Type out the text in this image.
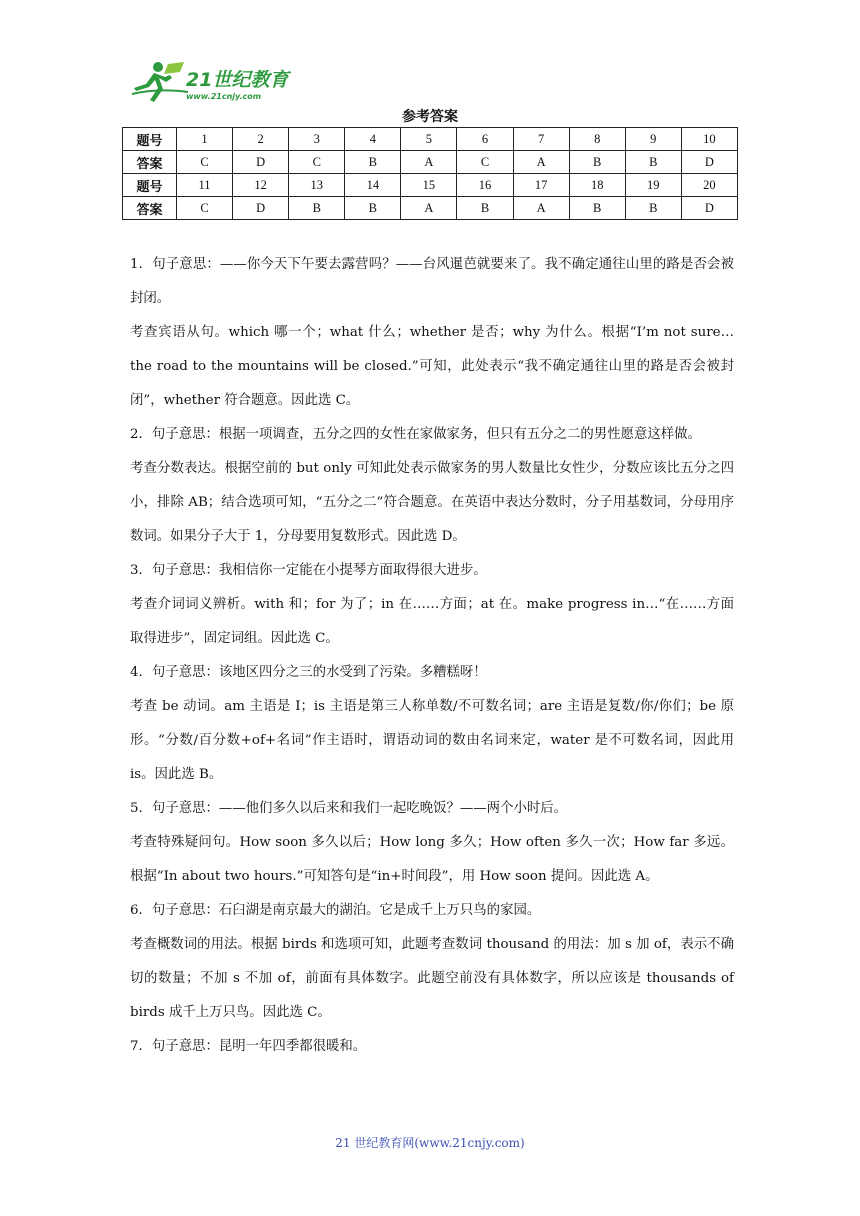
21世纪教育
www.21cnjy.com
参考答案
题号	1	2	3	4	5	6	7	8	9	10
答案	C	D	C	B	A	C	A	B	B	D
题号	11	12	13	14	15	16	17	18	19	20
答案	C	D	B	B	A	B	A	B	B	D

1．句子意思：——你今天下午要去露营吗？——台风暹芭就要来了。我不确定通往山里的路是否会被封闭。

考查宾语从句。which 哪一个；what 什么；whether 是否；why 为什么。根据“I’m not sure…the road to the mountains will be closed.”可知，此处表示“我不确定通往山里的路是否会被封闭”，whether 符合题意。因此选 C。

2．句子意思：根据一项调查，五分之四的女性在家做家务，但只有五分之二的男性愿意这样做。

考查分数表达。根据空前的 but only 可知此处表示做家务的男人数量比女性少，分数应该比五分之四小，排除 AB；结合选项可知，“五分之二”符合题意。在英语中表达分数时，分子用基数词，分母用序数词。如果分子大于 1，分母要用复数形式。因此选 D。

3．句子意思：我相信你一定能在小提琴方面取得很大进步。

考查介词词义辨析。with 和；for 为了；in 在……方面；at 在。make progress in…“在……方面取得进步”，固定词组。因此选 C。

4．句子意思：该地区四分之三的水受到了污染。多糟糕呀！

考查 be 动词。am 主语是 I；is 主语是第三人称单数/不可数名词；are 主语是复数/你/你们；be 原形。“分数/百分数+of+名词”作主语时，谓语动词的数由名词来定，water 是不可数名词，因此用 is。因此选 B。

5．句子意思：——他们多久以后来和我们一起吃晚饭？——两个小时后。

考查特殊疑问句。How soon 多久以后；How long 多久；How often 多久一次；How far 多远。根据“In about two hours.”可知答句是“in+时间段”，用 How soon 提问。因此选 A。

6．句子意思：石臼湖是南京最大的湖泊。它是成千上万只鸟的家园。

考查概数词的用法。根据 birds 和选项可知，此题考查数词 thousand 的用法：加 s 加 of，表示不确切的数量；不加 s 不加 of，前面有具体数字。此题空前没有具体数字，所以应该是 thousands of birds 成千上万只鸟。因此选 C。

7．句子意思：昆明一年四季都很暖和。

21 世纪教育网(www.21cnjy.com)
